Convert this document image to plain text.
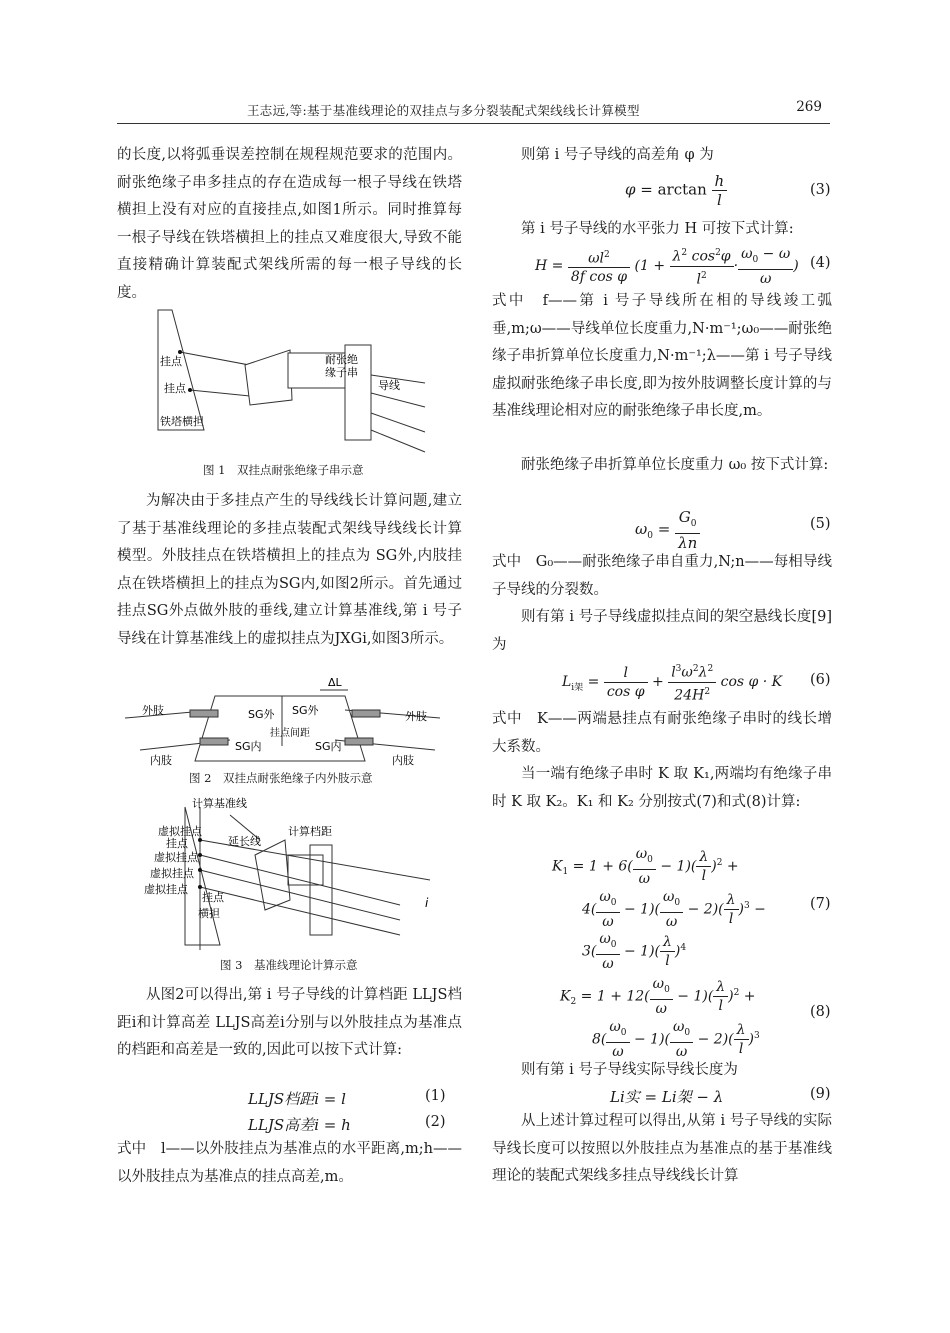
王志远,等:基于基准线理论的双挂点与多分裂装配式架线线长计算模型	269

的长度,以将弧垂误差控制在规程规范要求的范围内。耐张绝缘子串多挂点的存在造成每一根子导线在铁塔横担上没有对应的直接挂点,如图1所示。同时推算每一根子导线在铁塔横担上的挂点又难度很大,导致不能直接精确计算装配式架线所需的每一根子导线的长度。

挂点
挂点
铁塔横担
耐张绝
缘子串
导线
图 1　双挂点耐张绝缘子串示意

为解决由于多挂点产生的导线线长计算问题,建立了基于基准线理论的多挂点装配式架线导线线长计算模型。外肢挂点在铁塔横担上的挂点为 SG外,内肢挂点在铁塔横担上的挂点为SG内,如图2所示。首先通过挂点SG外点做外肢的垂线,建立计算基准线,第 i 号子导线在计算基准线上的虚拟挂点为JXGi,如图3所示。

外肢
内肢
外肢
内肢
SG外
SG内
SG外
SG内
挂点间距
ΔL
图 2　双挂点耐张绝缘子内外肢示意
计算基准线
虚拟挂点
挂点
虚拟挂点
虚拟挂点
虚拟挂点
延长线
计算档距
挂点
横担
i
图 3　基准线理论计算示意

从图2可以得出,第 i 号子导线的计算档距 LLJS档距i和计算高差 LLJS高差i分别与以外肢挂点为基准点的档距和高差是一致的,因此可以按下式计算:

LLJS档距i = l	(1)
LLJS高差i = h	(2)

式中　l——以外肢挂点为基准点的水平距离,m;h——以外肢挂点为基准点的挂点高差,m。

则第 i 号子导线的高差角 φ 为

$\varphi = \arctan \frac{h}{l}$	(3)

第 i 号子导线的水平张力 H 可按下式计算:

$H = \frac{\omega l^2}{\text{8f cos φ}} (1 + \frac{\lambda^2 \cos^2\varphi}{l^2} \cdot \frac{\omega_0 - \omega}{\omega}$ ) (4)

式中　f——第 i 号子导线所在相的导线竣工弧垂,m;ω——导线单位长度重力,N·m⁻¹;ω₀——耐张绝缘子串折算单位长度重力,N·m⁻¹;λ——第 i 号子导线虚拟耐张绝缘子串长度,即为按外肢调整长度计算的与基准线理论相对应的耐张绝缘子串长度,m。

耐张绝缘子串折算单位长度重力 ω₀ 按下式计算:

$\omega_0 = \frac{G_0}{\lambda n}$	(5)

式中　G₀——耐张绝缘子串自重力,N;n——每相导线子导线的分裂数。

则有第 i 号子导线虚拟挂点间的架空悬线长度[9]为

$L_{i架} = \frac{l}{\text{cos φ}} + \frac{l^3\omega^2\lambda^2}{24H^2}$ cos φ · K (6)

式中　K——两端悬挂点有耐张绝缘子串时的线长增大系数。

当一端有绝缘子串时 K 取 K₁,两端均有绝缘子串时 K 取 K₂。K₁ 和 K₂ 分别按式(7)和式(8)计算:

$K_1 = 1 + 6( \frac{\omega_0}{\omega} - 1)( \frac{\lambda}{l} )^2$ +
$4( \frac{\omega_0}{\omega} - 1)( \frac{\omega_0}{\omega} - 2)( \frac{\lambda}{l} )^3$ −	(7)
$3( \frac{\omega_0}{\omega} - 1)( \frac{\lambda}{l} )^4$
$K_2 = 1 + 12( \frac{\omega_0}{\omega} - 1)( \frac{\lambda}{l} )^2$ +
(8)
$8( \frac{\omega_0}{\omega} - 1)( \frac{\omega_0}{\omega} - 2)( \frac{\lambda}{l} )^3$

则有第 i 号子导线实际导线长度为

Li实 = Li架 − λ	(9)

从上述计算过程可以得出,从第 i 号子导线的实际导线长度可以按照以外肢挂点为基准点的基于基准线理论的装配式架线多挂点导线线长计算
